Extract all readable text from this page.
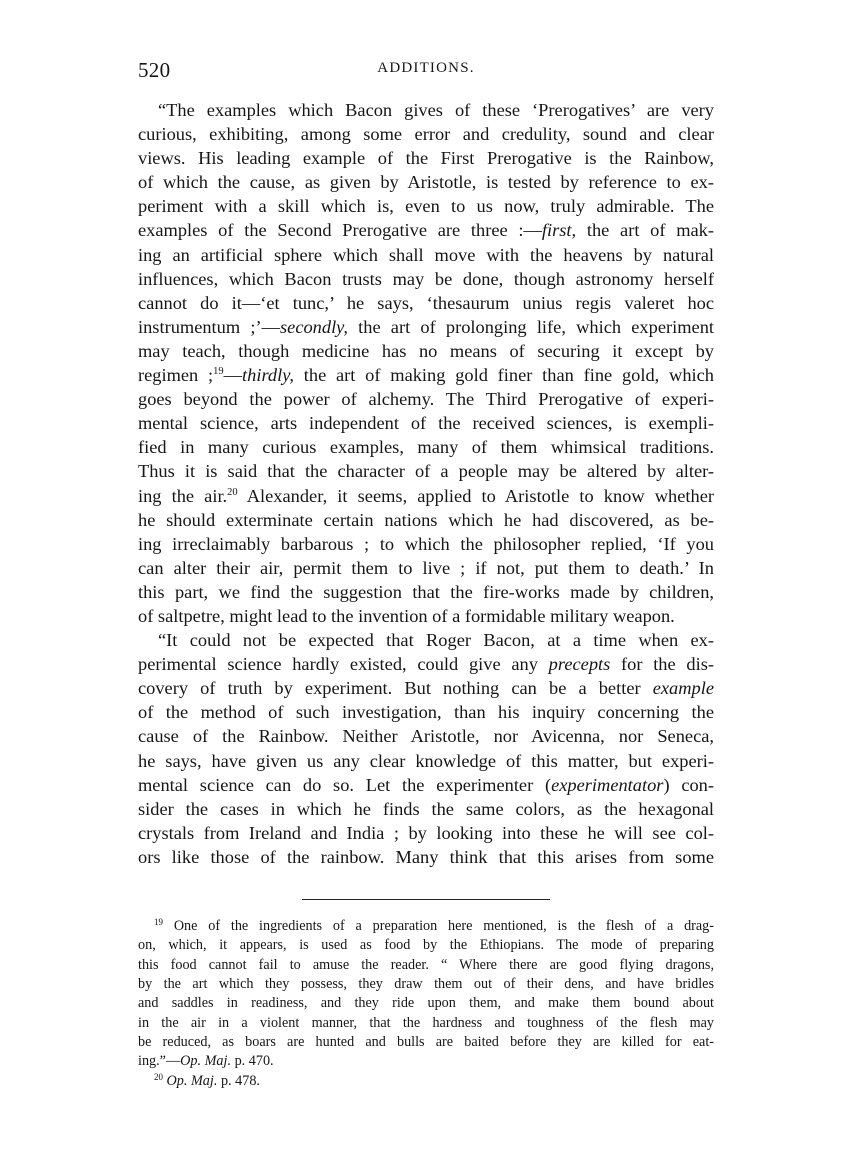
520	ADDITIONS.
“The examples which Bacon gives of these ‘Prerogatives’ are very
curious, exhibiting, among some error and credulity, sound and clear
views. His leading example of the First Prerogative is the Rainbow,
of which the cause, as given by Aristotle, is tested by reference to ex-
periment with a skill which is, even to us now, truly admirable. The
examples of the Second Prerogative are three :—first, the art of mak-
ing an artificial sphere which shall move with the heavens by natural
influences, which Bacon trusts may be done, though astronomy herself
cannot do it—‘et tunc,’ he says, ‘thesaurum unius regis valeret hoc
instrumentum ;’—secondly, the art of prolonging life, which experiment
may teach, though medicine has no means of securing it except by
regimen ;$^{19}$—thirdly, the art of making gold finer than fine gold, which
goes beyond the power of alchemy. The Third Prerogative of experi-
mental science, arts independent of the received sciences, is exempli-
fied in many curious examples, many of them whimsical traditions.
Thus it is said that the character of a people may be altered by alter-
ing the air.$^{20}$ Alexander, it seems, applied to Aristotle to know whether
he should exterminate certain nations which he had discovered, as be-
ing irreclaimably barbarous ; to which the philosopher replied, ‘If you
can alter their air, permit them to live ; if not, put them to death.’ In
this part, we find the suggestion that the fire-works made by children,
of saltpetre, might lead to the invention of a formidable military weapon.
“It could not be expected that Roger Bacon, at a time when ex-
perimental science hardly existed, could give any precepts for the dis-
covery of truth by experiment. But nothing can be a better example
of the method of such investigation, than his inquiry concerning the
cause of the Rainbow. Neither Aristotle, nor Avicenna, nor Seneca,
he says, have given us any clear knowledge of this matter, but experi-
mental science can do so. Let the experimenter (experimentator) con-
sider the cases in which he finds the same colors, as the hexagonal
crystals from Ireland and India ; by looking into these he will see col-
ors like those of the rainbow. Many think that this arises from some
$^{19}$ One of the ingredients of a preparation here mentioned, is the flesh of a drag-
on, which, it appears, is used as food by the Ethiopians. The mode of preparing
this food cannot fail to amuse the reader. “ Where there are good flying dragons,
by the art which they possess, they draw them out of their dens, and have bridles
and saddles in readiness, and they ride upon them, and make them bound about
in the air in a violent manner, that the hardness and toughness of the flesh may
be reduced, as boars are hunted and bulls are baited before they are killed for eat-
ing.”—Op. Maj. p. 470.
$^{20}$ Op. Maj. p. 478.
